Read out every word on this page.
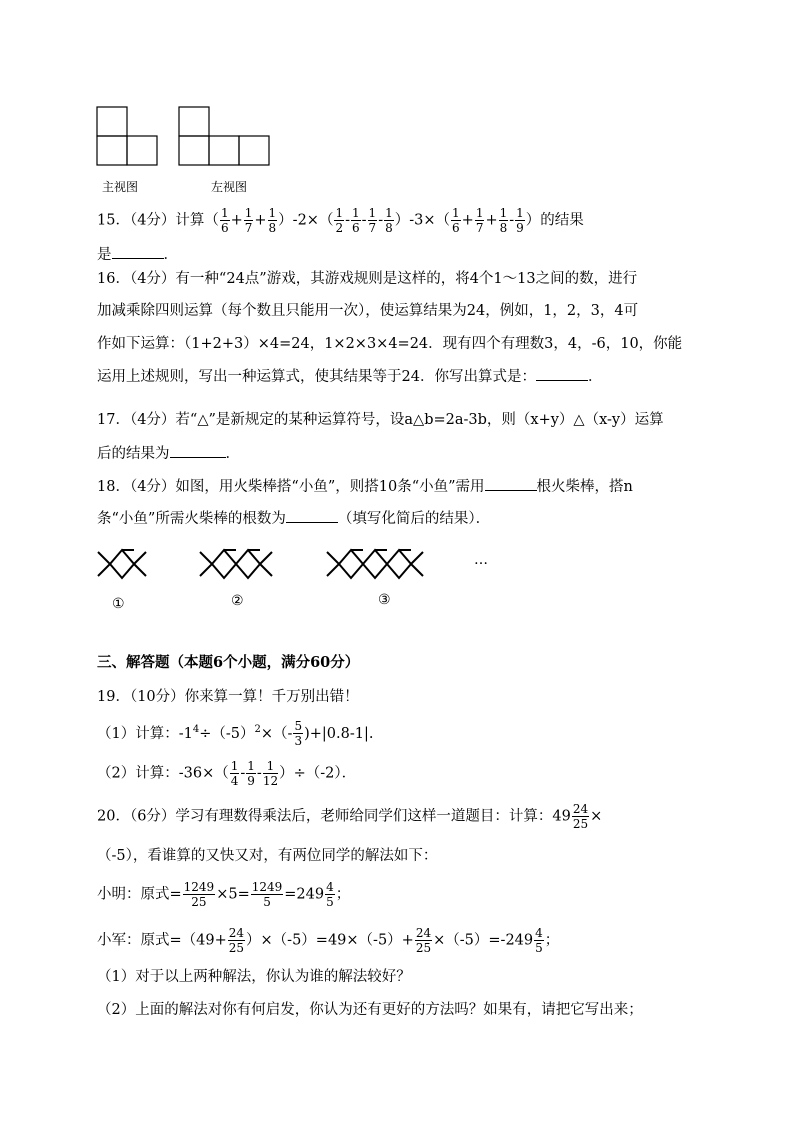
主视图	左视图
15．（4分）计算（ $\frac{1}{6} + \frac{1}{7} + \frac{1}{8} )-2\times( \frac{1}{2} - \frac{1}{6} - \frac{1}{7} - \frac{1}{8} )-3\times( \frac{1}{6} + \frac{1}{7} + \frac{1}{8} - \frac{1}{9}$ ）的结果
是	．
16．（4分）有一种“24点”游戏，其游戏规则是这样的，将4个1～13之间的数，进行
加减乘除四则运算（每个数且只能用一次），使运算结果为24，例如，1，2，3，4可
作如下运算：（1+2+3）×4=24，1×2×3×4=24．现有四个有理数3，4，-6，10，你能
运用上述规则，写出一种运算式，使其结果等于24．你写出算式是：	．
17．（4分）若“△”是新规定的某种运算符号，设a△b=2a-3b，则（x+y）△（x-y）运算
后的结果为	．
18．（4分）如图，用火柴棒搭“小鱼”，则搭10条“小鱼”需用	根火柴棒，搭n
条“小鱼”所需火柴棒的根数为	（填写化简后的结果）．
…
①	②	③
三、解答题（本题6个小题，满分60分）
19．（10分）你来算一算！千万别出错！
（1）计算：$-1^4\div(-5)^2\times(- \frac{5}{3} )+|0.8-1|$.
（2）计算：$-36\times( \frac{1}{4} - \frac{1}{9} - \frac{1}{12} )\div(-2)$．
20．（6分）学习有理数得乘法后，老师给同学们这样一道题目：计算：$49 \frac{24}{25}$ ×
（-5），看谁算的又快又对，有两位同学的解法如下：
小明：原式= $\frac{1249}{25} \times 5= \frac{1249}{5} =249 \frac{4}{5}$ ；
小军：原式$=(49+ \frac{24}{25} )\times(-5)=49\times(-5)+ \frac{24}{25} \times(-5)=-249 \frac{4}{5}$ ；
（1）对于以上两种解法，你认为谁的解法较好？
（2）上面的解法对你有何启发，你认为还有更好的方法吗？如果有，请把它写出来；
